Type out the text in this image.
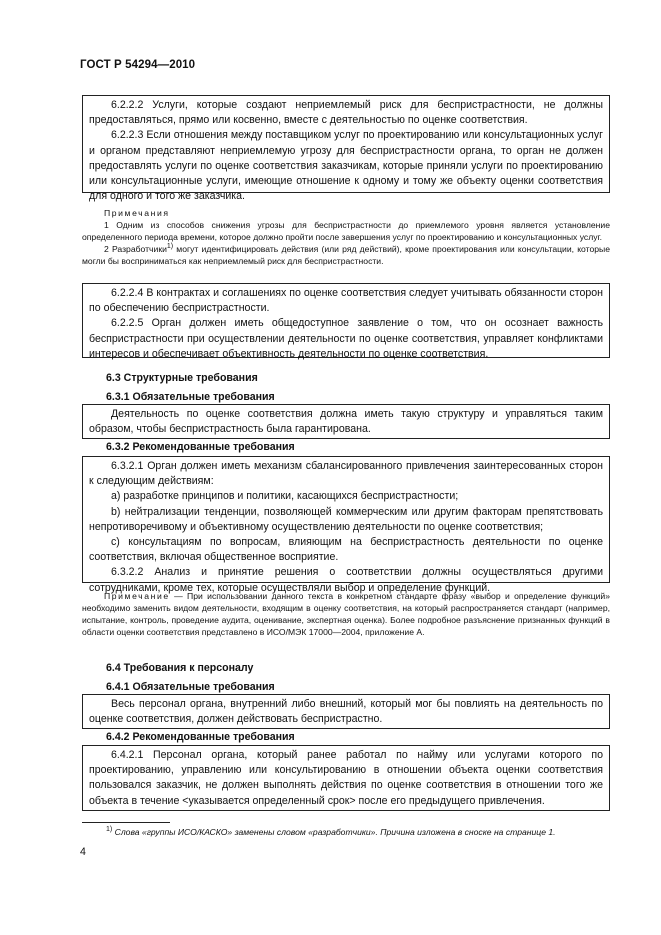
ГОСТ Р 54294—2010

6.2.2.2 Услуги, которые создают неприемлемый риск для беспристрастности, не должны предоставляться, прямо или косвенно, вместе с деятельностью по оценке соответствия.

6.2.2.3 Если отношения между поставщиком услуг по проектированию или консультационных услуг и органом представляют неприемлемую угрозу для беспристрастности органа, то орган не должен предоставлять услуги по оценке соответствия заказчикам, которые приняли услуги по проектированию или консультационные услуги, имеющие отношение к одному и тому же объекту оценки соответствия для одного и того же заказчика.

Примечания

1 Одним из способов снижения угрозы для беспристрастности до приемлемого уровня является установление определенного периода времени, которое должно пройти после завершения услуг по проектированию и консультационных услуг.

2 Разработчики$^{1)}$ могут идентифицировать действия (или ряд действий), кроме проектирования или консультации, которые могли бы восприниматься как неприемлемый риск для беспристрастности.

6.2.2.4 В контрактах и соглашениях по оценке соответствия следует учитывать обязанности сторон по обеспечению беспристрастности.

6.2.2.5 Орган должен иметь общедоступное заявление о том, что он осознает важность беспристрастности при осуществлении деятельности по оценке соответствия, управляет конфликтами интересов и обеспечивает объективность деятельности по оценке соответствия.

6.3 Структурные требования
6.3.1 Обязательные требования

Деятельность по оценке соответствия должна иметь такую структуру и управляться таким образом, чтобы беспристрастность была гарантирована.

6.3.2 Рекомендованные требования

6.3.2.1 Орган должен иметь механизм сбалансированного привлечения заинтересованных сторон к следующим действиям:

a) разработке принципов и политики, касающихся беспристрастности;

b) нейтрализации тенденции, позволяющей коммерческим или другим факторам препятствовать непротиворечивому и объективному осуществлению деятельности по оценке соответствия;

c) консультациям по вопросам, влияющим на беспристрастность деятельности по оценке соответствия, включая общественное восприятие.

6.3.2.2 Анализ и принятие решения о соответствии должны осуществляться другими сотрудниками, кроме тех, которые осуществляли выбор и определение функций.

Примечание — При использовании данного текста в конкретном стандарте фразу «выбор и определение функций» необходимо заменить видом деятельности, входящим в оценку соответствия, на который распространяется стандарт (например, испытание, контроль, проведение аудита, оценивание, экспертная оценка). Более подробное разъяснение признанных функций в области оценки соответствия представлено в ИСО/МЭК 17000—2004, приложение А.

6.4 Требования к персоналу
6.4.1 Обязательные требования

Весь персонал органа, внутренний либо внешний, который мог бы повлиять на деятельность по оценке соответствия, должен действовать беспристрастно.

6.4.2 Рекомендованные требования

6.4.2.1 Персонал органа, который ранее работал по найму или услугами которого по проектированию, управлению или консультированию в отношении объекта оценки соответствия пользовался заказчик, не должен выполнять действия по оценке соответствия в отношении того же объекта в течение <указывается определенный срок> после его предыдущего привлечения.

$^{1)}$ Слова «группы ИСО/КАСКО» заменены словом «разработчики». Причина изложена в сноске на странице 1.
4
